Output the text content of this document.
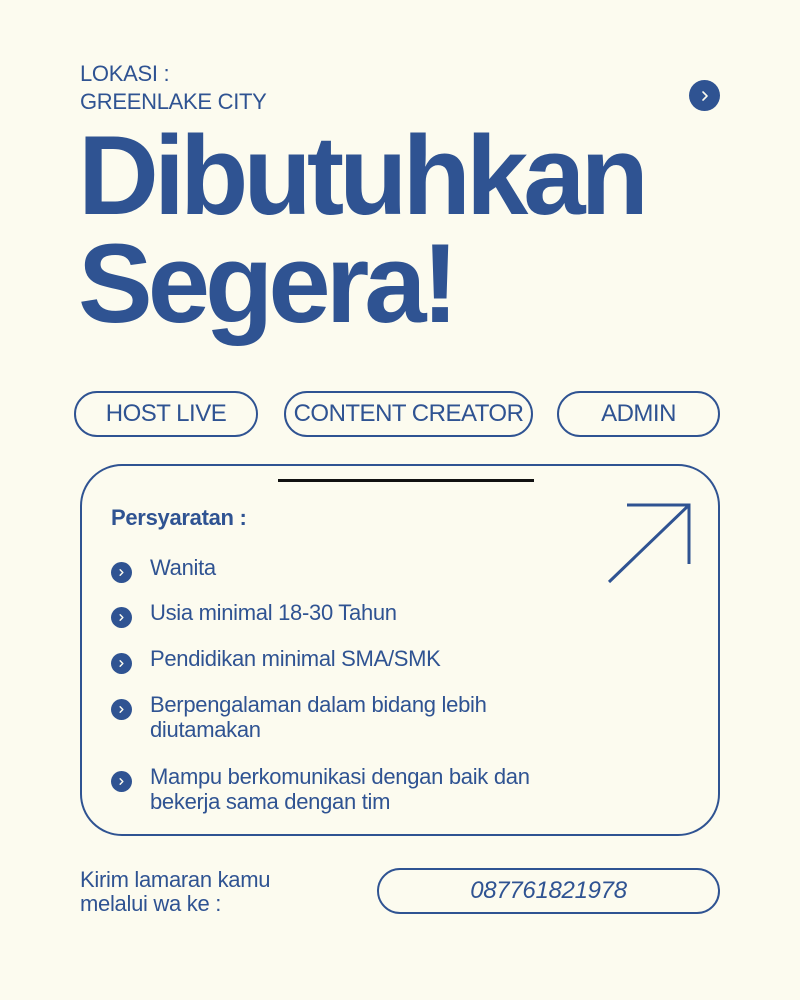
LOKASI :
GREENLAKE CITY
Dibutuhkan
Segera!
HOST LIVE	CONTENT CREATOR	ADMIN
Persyaratan :
Wanita
Usia minimal 18-30 Tahun
Pendidikan minimal SMA/SMK
Berpengalaman dalam bidang lebih diutamakan
Mampu berkomunikasi dengan baik dan bekerja sama dengan tim
Kirim lamaran kamu melalui wa ke :	087761821978
